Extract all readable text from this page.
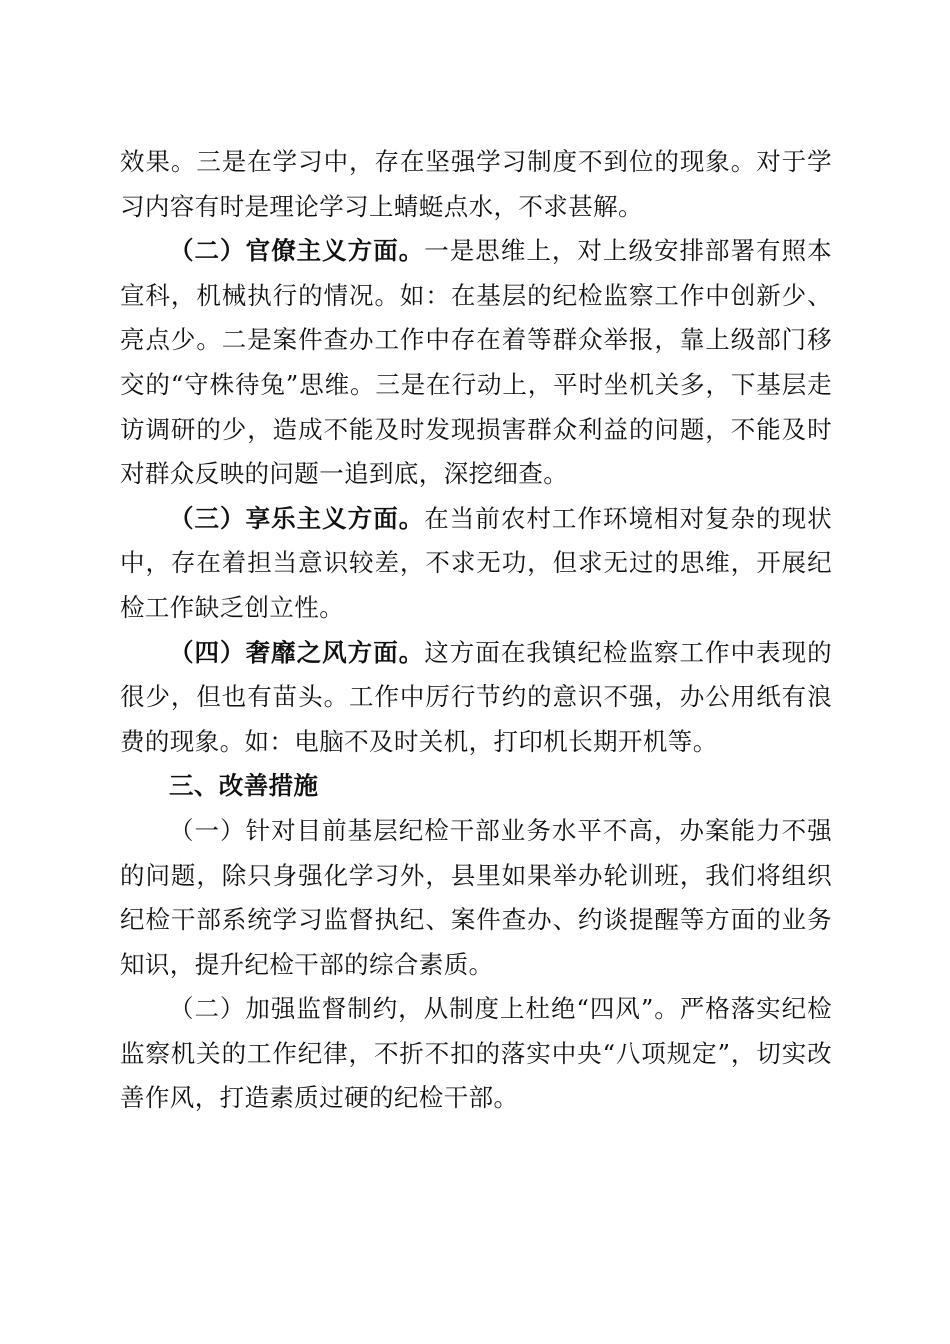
效果。三是在学习中，存在坚强学习制度不到位的现象。对于学习内容有时是理论学习上蜻蜓点水，不求甚解。

（二）官僚主义方面。一是思维上，对上级安排部署有照本宣科，机械执行的情况。如：在基层的纪检监察工作中创新少、亮点少。二是案件查办工作中存在着等群众举报，靠上级部门移交的“守株待兔”思维。三是在行动上，平时坐机关多，下基层走访调研的少，造成不能及时发现损害群众利益的问题，不能及时对群众反映的问题一追到底，深挖细查。

（三）享乐主义方面。在当前农村工作环境相对复杂的现状中，存在着担当意识较差，不求无功，但求无过的思维，开展纪检工作缺乏创立性。

（四）奢靡之风方面。这方面在我镇纪检监察工作中表现的很少，但也有苗头。工作中厉行节约的意识不强，办公用纸有浪费的现象。如：电脑不及时关机，打印机长期开机等。

三、改善措施

（一）针对目前基层纪检干部业务水平不高，办案能力不强的问题，除只身强化学习外，县里如果举办轮训班，我们将组织纪检干部系统学习监督执纪、案件查办、约谈提醒等方面的业务知识，提升纪检干部的综合素质。

（二）加强监督制约，从制度上杜绝“四风”。严格落实纪检监察机关的工作纪律，不折不扣的落实中央“八项规定”，切实改善作风，打造素质过硬的纪检干部。
